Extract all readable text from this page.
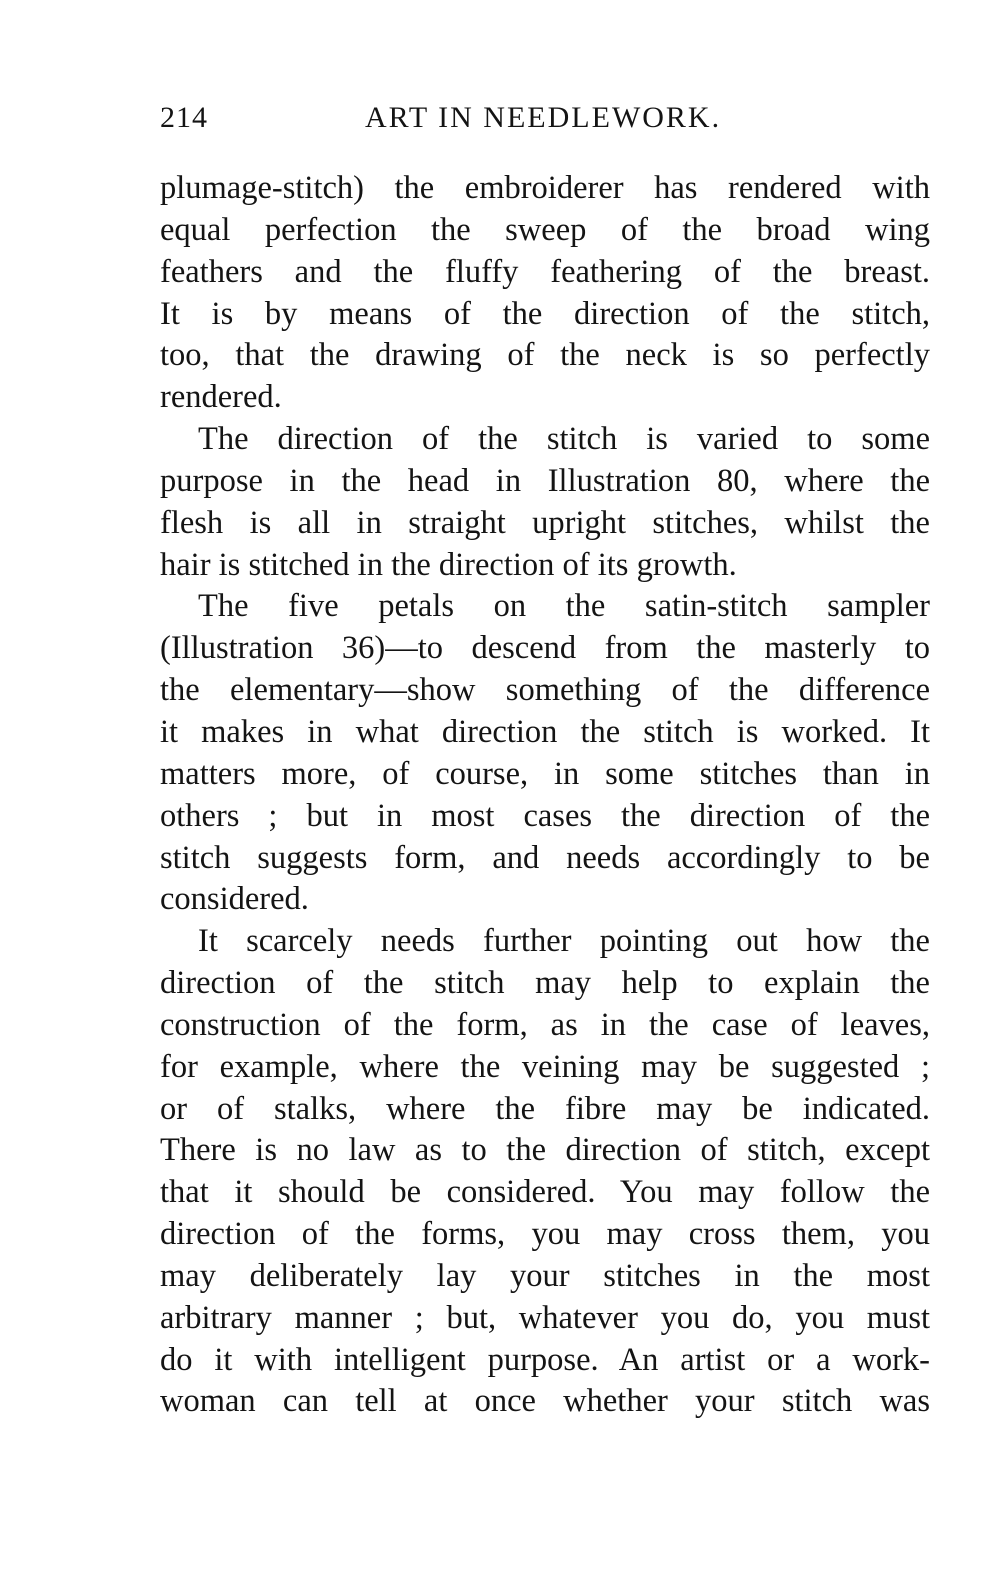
214	ART IN NEEDLEWORK.
plumage-stitch) the embroiderer has rendered with
equal perfection the sweep of the broad wing
feathers and the fluffy feathering of the breast.
It is by means of the direction of the stitch,
too, that the drawing of the neck is so perfectly
rendered.
The direction of the stitch is varied to some
purpose in the head in Illustration 80, where the
flesh is all in straight upright stitches, whilst the
hair is stitched in the direction of its growth.
The five petals on the satin-stitch sampler
(Illustration 36)—to descend from the masterly to
the elementary—show something of the difference
it makes in what direction the stitch is worked. It
matters more, of course, in some stitches than in
others ; but in most cases the direction of the
stitch suggests form, and needs accordingly to be
considered.
It scarcely needs further pointing out how the
direction of the stitch may help to explain the
construction of the form, as in the case of leaves,
for example, where the veining may be suggested ;
or of stalks, where the fibre may be indicated.
There is no law as to the direction of stitch, except
that it should be considered. You may follow the
direction of the forms, you may cross them, you
may deliberately lay your stitches in the most
arbitrary manner ; but, whatever you do, you must
do it with intelligent purpose. An artist or a work-
woman can tell at once whether your stitch was
